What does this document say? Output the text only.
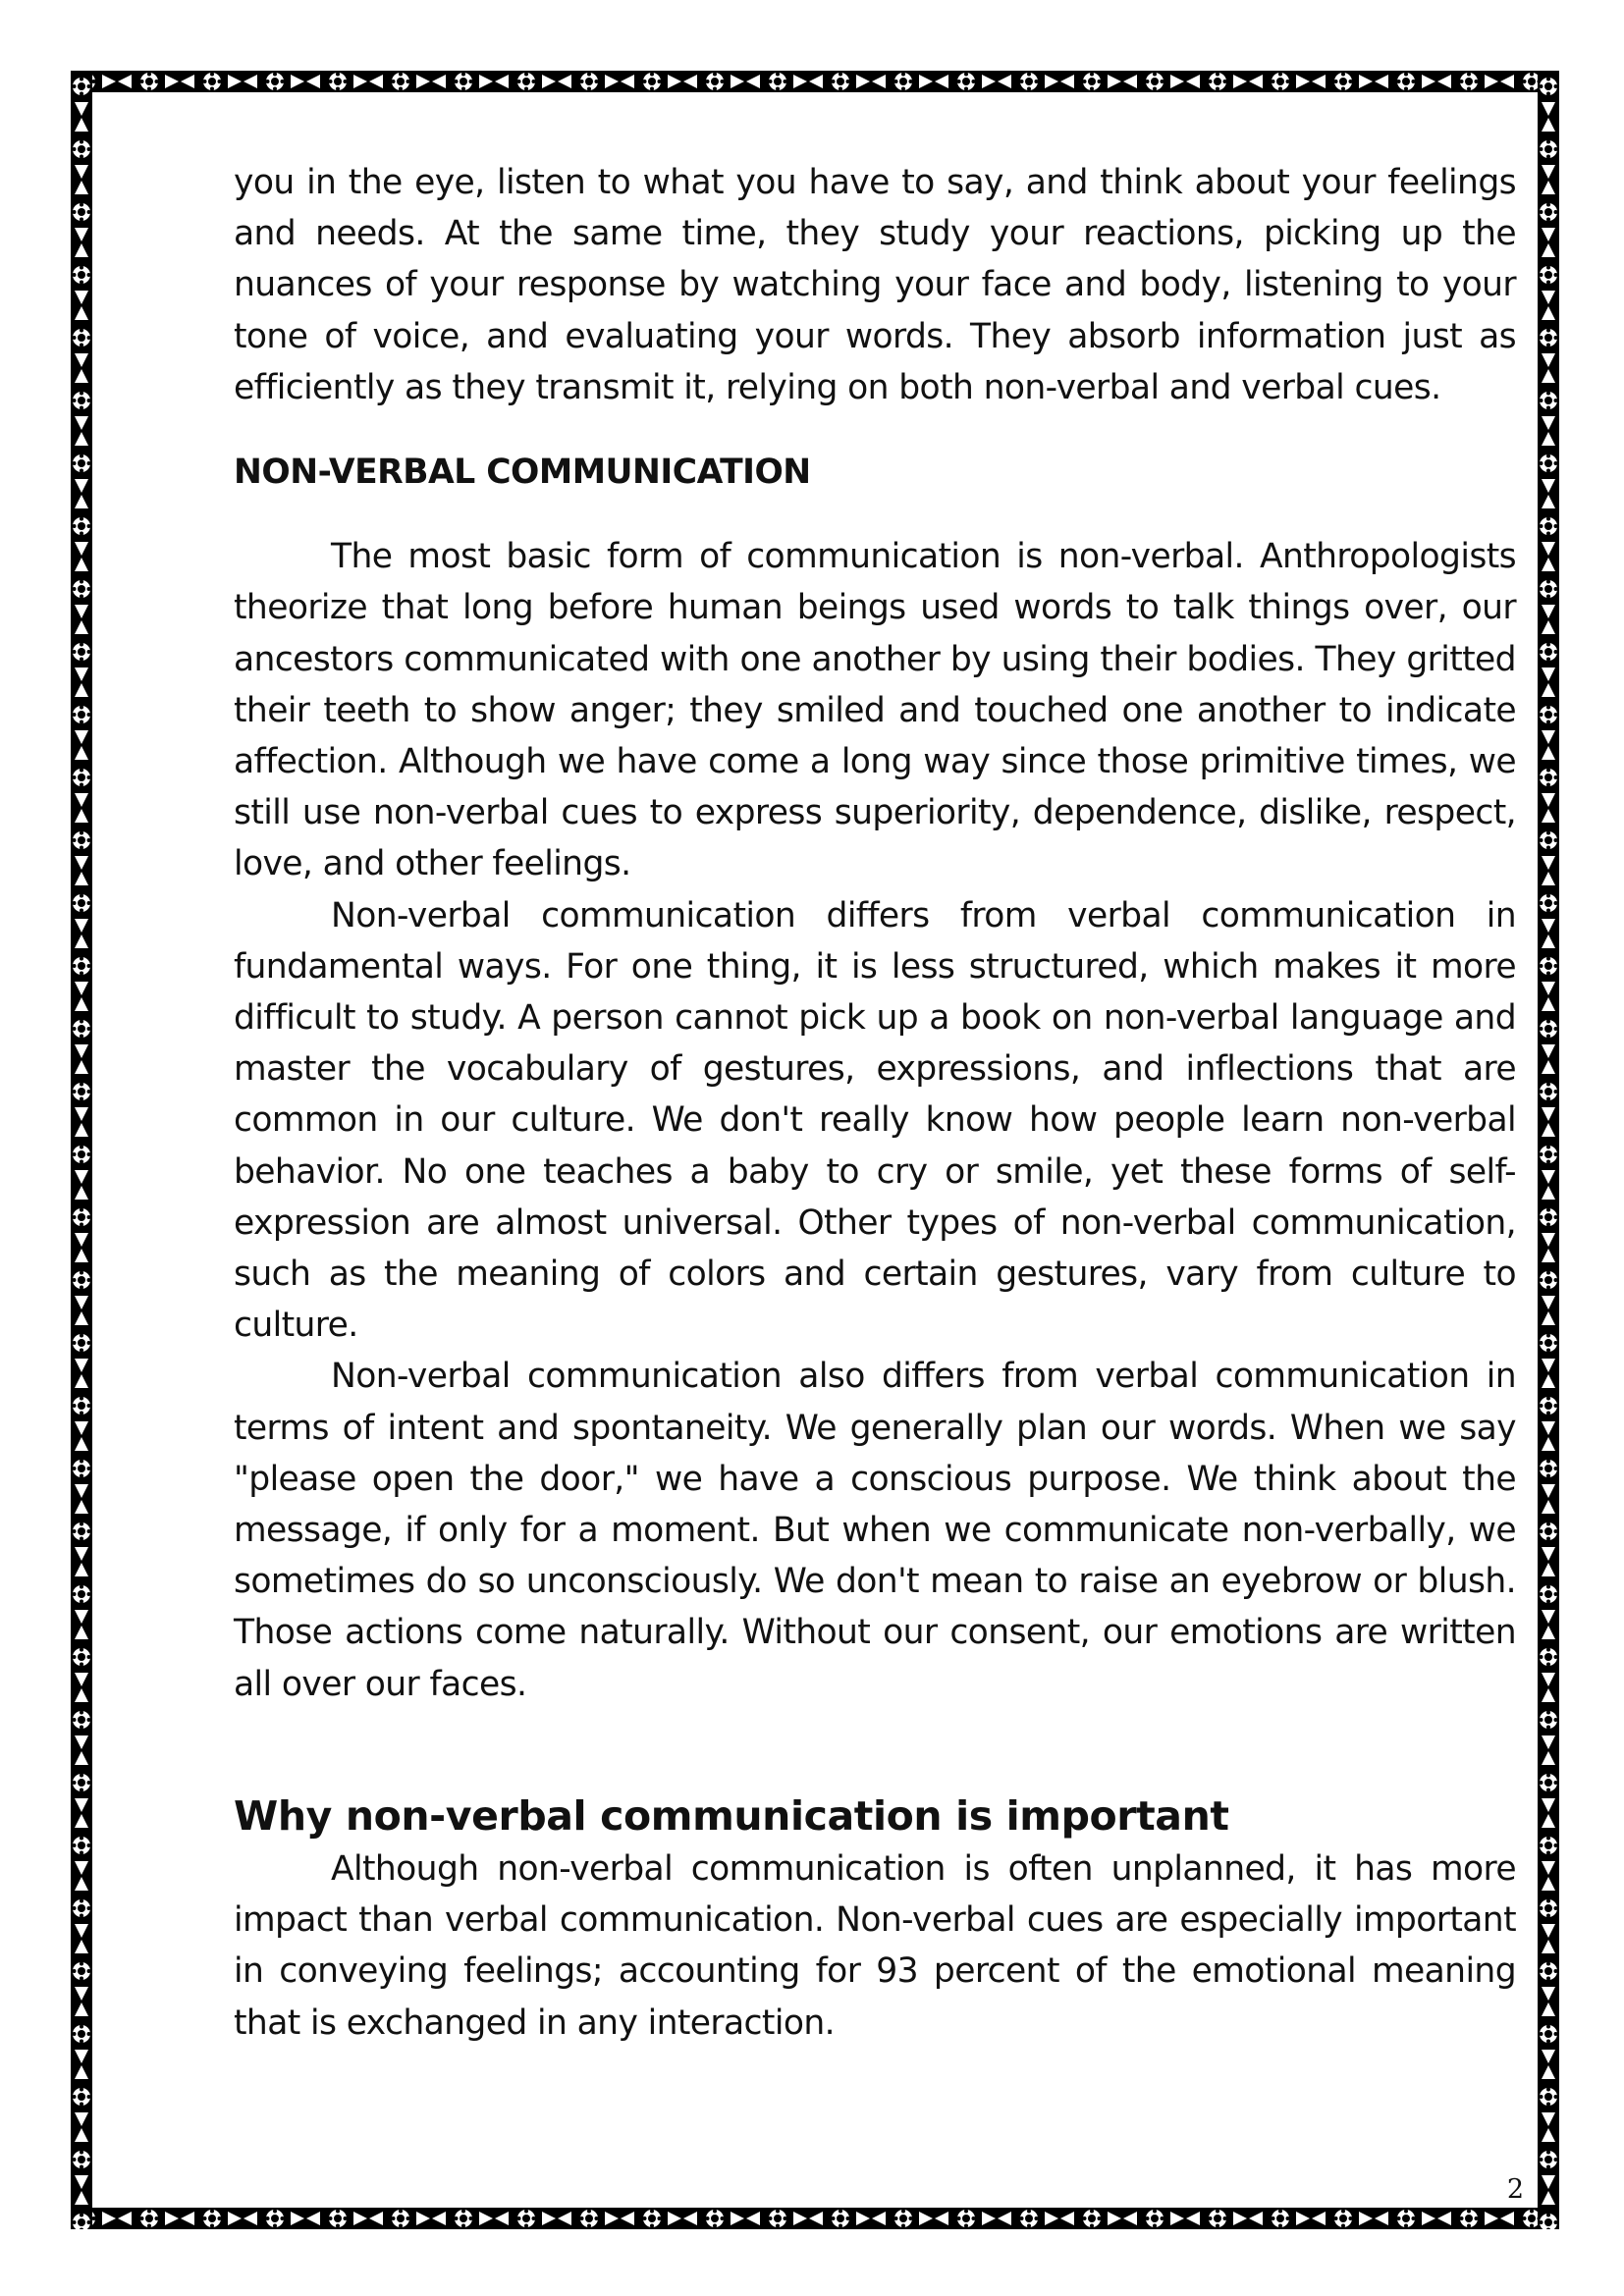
you in the eye, listen to what you have to say, and think about your feelings and needs. At the same time, they study your reactions, picking up the nuances of your response by watching your face and body, listening to your tone of voice, and evaluating your words. They absorb information just as efficiently as they transmit it, relying on both non-verbal and verbal cues.

NON-VERBAL COMMUNICATION

The most basic form of communication is non-verbal. Anthropologists theorize that long before human beings used words to talk things over, our ancestors communicated with one another by using their bodies. They gritted their teeth to show anger; they smiled and touched one another to indicate affection. Although we have come a long way since those primitive times, we still use non-verbal cues to express superiority, dependence, dislike, respect, love, and other feelings.

Non-verbal communication differs from verbal communication in fundamental ways. For one thing, it is less structured, which makes it more difficult to study. A person cannot pick up a book on non-verbal language and master the vocabulary of gestures, expressions, and inflections that are common in our culture. We don't really know how people learn non-verbal behavior. No one teaches a baby to cry or smile, yet these forms of self-expression are almost universal. Other types of non-verbal communication, such as the meaning of colors and certain gestures, vary from culture to culture.

Non-verbal communication also differs from verbal communication in terms of intent and spontaneity. We generally plan our words. When we say "please open the door," we have a conscious purpose. We think about the message, if only for a moment. But when we communicate non-verbally, we sometimes do so unconsciously. We don't mean to raise an eyebrow or blush. Those actions come naturally. Without our consent, our emotions are written all over our faces.

Why non-verbal communication is important

Although non-verbal communication is often unplanned, it has more impact than verbal communication. Non-verbal cues are especially important in conveying feelings; accounting for 93 percent of the emotional meaning that is exchanged in any interaction.

2
